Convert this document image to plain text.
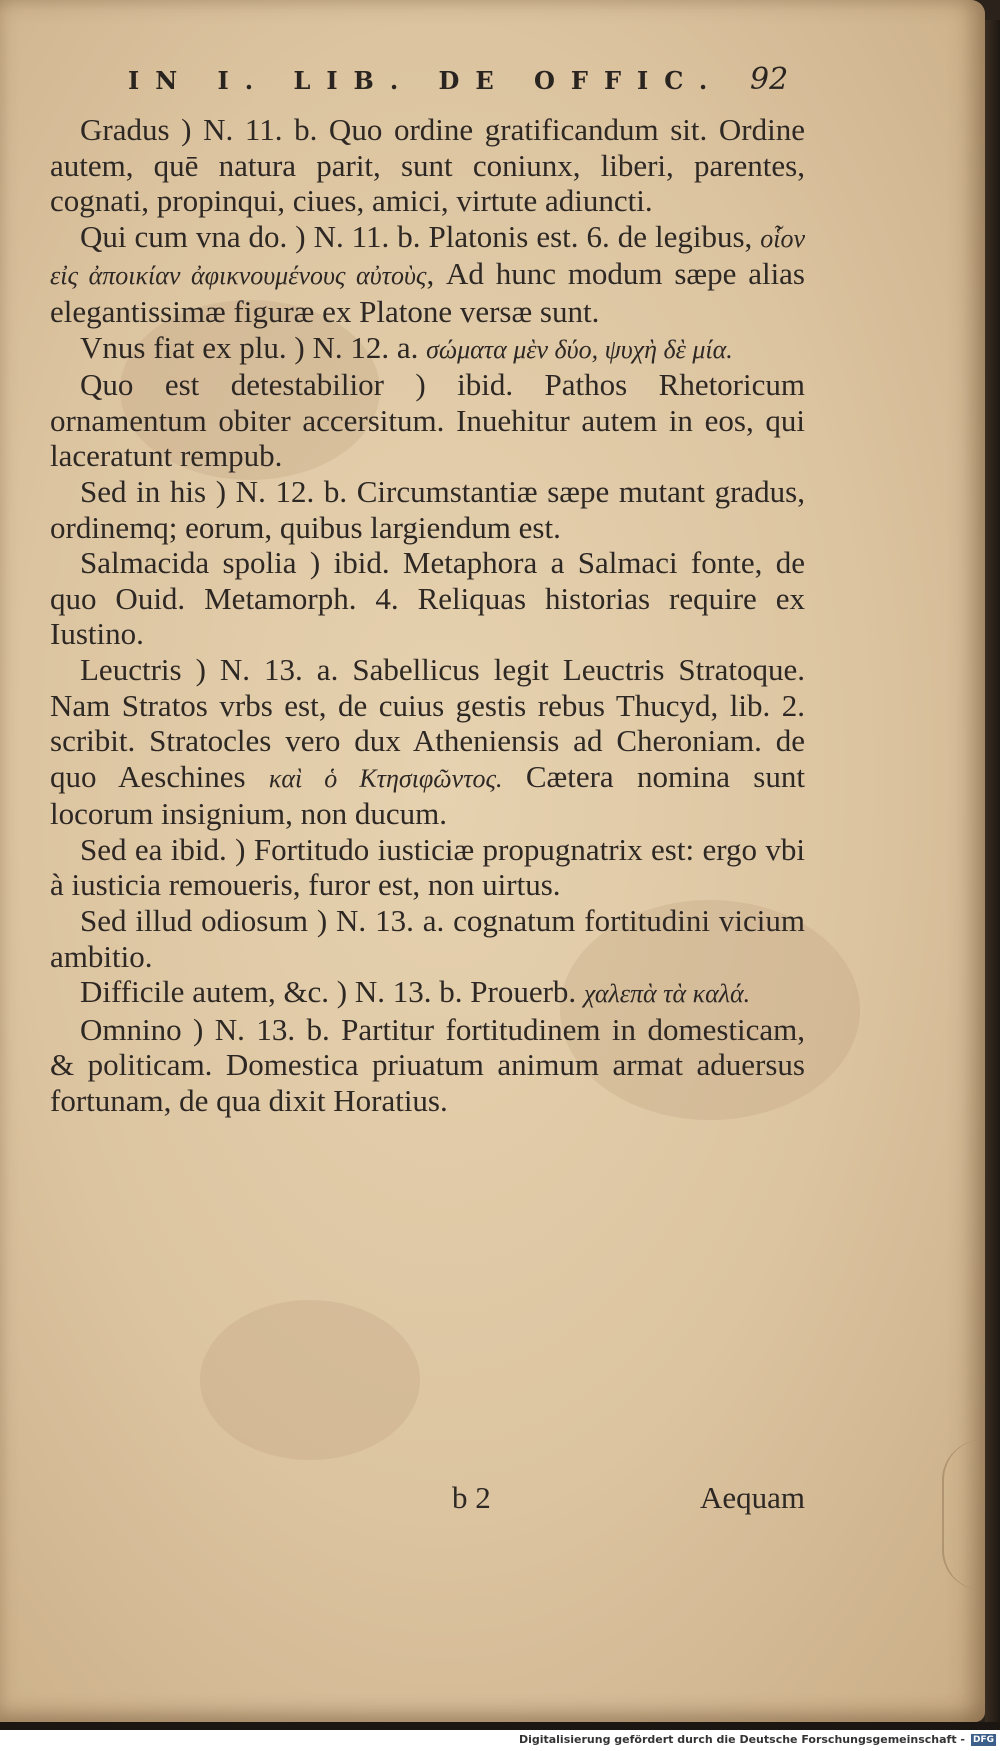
IN I. LIB. DE OFFIC. 92

Gradus ) N. 11. b. Quo ordine gratificandum sit. Ordine autem, quē natura parit, sunt coniunx, liberi, parentes, cognati, propinqui, ciues, amici, virtute adiuncti.

Qui cum vna do. ) N. 11. b. Platonis est. 6. de legibus, οἷον εἰς ἀποικίαν ἀφικνουμένους αὐτοὺς, Ad hunc modum sæpe alias elegantissimæ figuræ ex Platone versæ sunt.

Vnus fiat ex plu. ) N. 12. a. σώματα μὲν δύο, ψυχὴ δὲ μία.

Quo est detestabilior ) ibid. Pathos Rhetoricum ornamentum obiter accersitum. Inuehitur autem in eos, qui laceratunt rempub.

Sed in his ) N. 12. b. Circumstantiæ sæpe mutant gradus, ordinemq; eorum, quibus largiendum est.

Salmacida spolia ) ibid. Metaphora a Salmaci fonte, de quo Ouid. Metamorph. 4. Reliquas historias require ex Iustino.

Leuctris ) N. 13. a. Sabellicus legit Leuctris Stratoque. Nam Stratos vrbs est, de cuius gestis rebus Thucyd, lib. 2. scribit. Stratocles vero dux Atheniensis ad Cheroniam. de quo Aeschines καὶ ὁ Κτησιφῶντος. Cætera nomina sunt locorum insignium, non ducum.

Sed ea ibid. ) Fortitudo iusticiæ propugnatrix est: ergo vbi à iusticia remoueris, furor est, non uirtus.

Sed illud odiosum ) N. 13. a. cognatum fortitudini vicium ambitio.

Difficile autem, &c. ) N. 13. b. Prouerb. χαλεπὰ τὰ καλά.

Omnino ) N. 13. b. Partitur fortitudinem in domesticam, & politicam. Domestica priuatum animum armat aduersus fortunam, de qua dixit Horatius.

b 2	Aequam
Digitalisierung gefördert durch die Deutsche Forschungsgemeinschaft - DFG
